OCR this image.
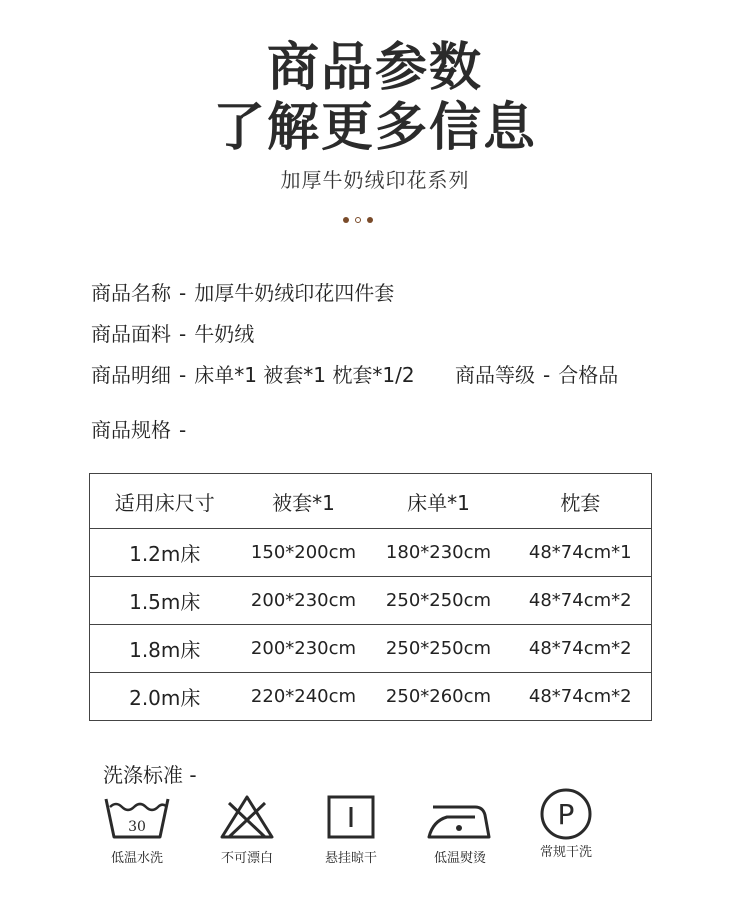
商品参数
了解更多信息
加厚牛奶绒印花系列
商品名称 - 加厚牛奶绒印花四件套
商品面料 - 牛奶绒
商品明细 - 床单*1 被套*1 枕套*1/2 商品等级 - 合格品
商品规格 -
适用床尺寸	被套*1	床单*1	枕套
1.2m床	150*200cm	180*230cm	48*74cm*1
1.5m床	200*230cm	250*250cm	48*74cm*2
1.8m床	200*230cm	250*250cm	48*74cm*2
2.0m床	220*240cm	250*260cm	48*74cm*2
洗涤标准 -
30
低温水洗	不可漂白	悬挂晾干	低温熨烫
P
常规干洗
